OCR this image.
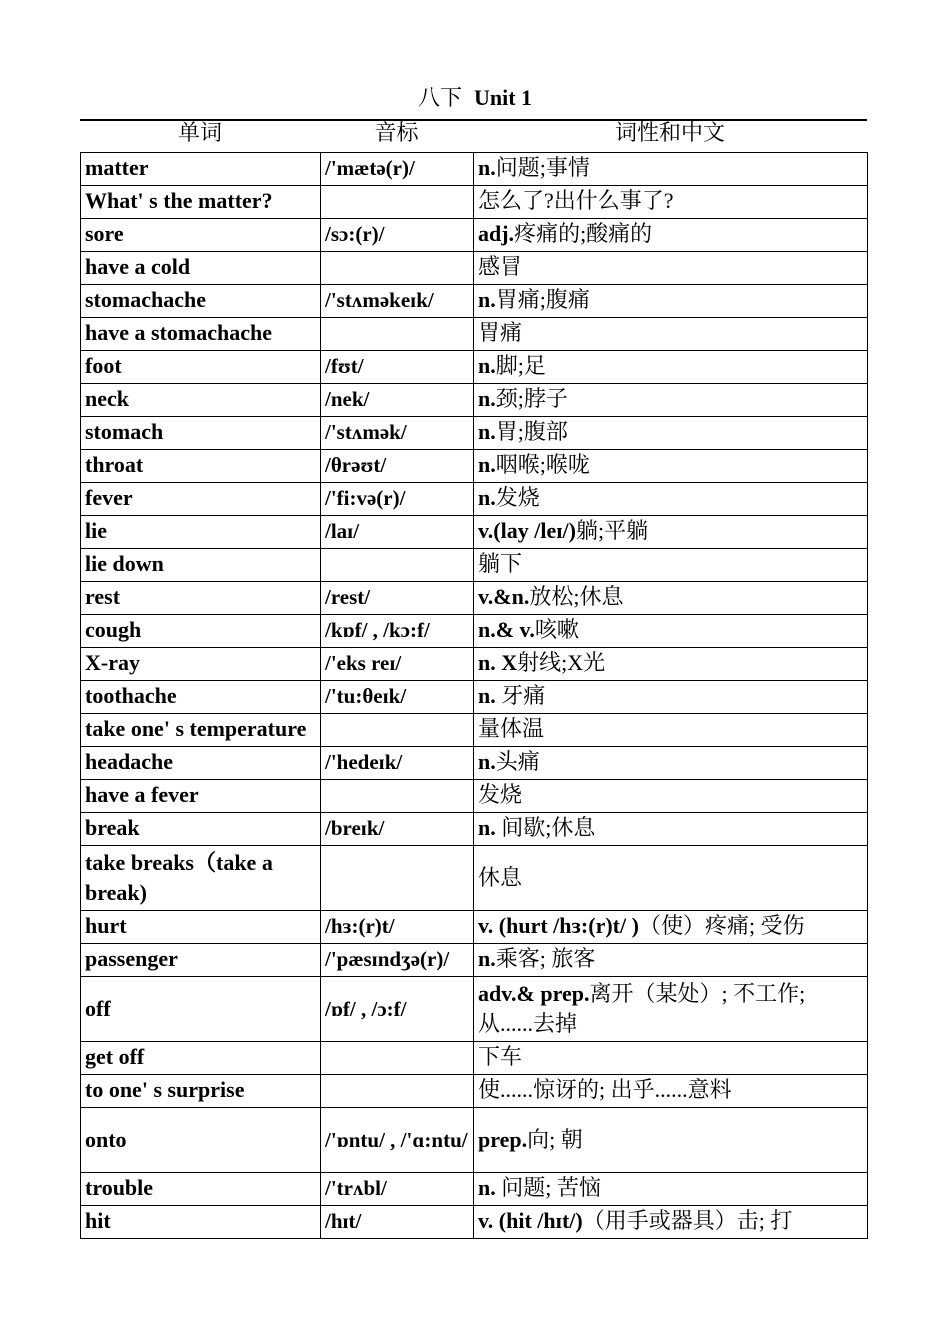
八下 Unit 1
单词	音标	词性和中文
matter	/'mætə(r)/	n.问题;事情
What' s the matter?		怎么了?出什么事了?
sore	/sɔ:(r)/	adj.疼痛的;酸痛的
have a cold		感冒
stomachache	/'stʌməkeɪk/	n.胃痛;腹痛
have a stomachache		胃痛
foot	/fʊt/	n.脚;足
neck	/nek/	n.颈;脖子
stomach	/'stʌmək/	n.胃;腹部
throat	/θrəʊt/	n.咽喉;喉咙
fever	/'fi:və(r)/	n.发烧
lie	/laɪ/	v.(lay /leɪ/)躺;平躺
lie down		躺下
rest	/rest/	v.&n.放松;休息
cough	/kɒf/ , /kɔ:f/	n.& v.咳嗽
X-ray	/'eks reɪ/	n. X射线;X光
toothache	/'tu:θeɪk/	n. 牙痛
take one' s temperature		量体温
headache	/'hedeɪk/	n.头痛
have a fever		发烧
break	/breɪk/	n. 间歇;休息
take breaks（take a break)		休息
hurt	/hɜ:(r)t/	v. (hurt /hɜ:(r)t/ )（使）疼痛; 受伤
passenger	/'pæsɪndʒə(r)/	n.乘客; 旅客
off	/ɒf/ , /ɔ:f/	adv.& prep.离开（某处）; 不工作; 从......去掉
get off		下车
to one' s surprise		使......惊讶的; 出乎......意料
onto	/'ɒntu/ , /'ɑ:ntu/	prep.向; 朝
trouble	/'trʌbl/	n. 问题; 苦恼
hit	/hɪt/	v. (hit /hɪt/)（用手或器具）击; 打
